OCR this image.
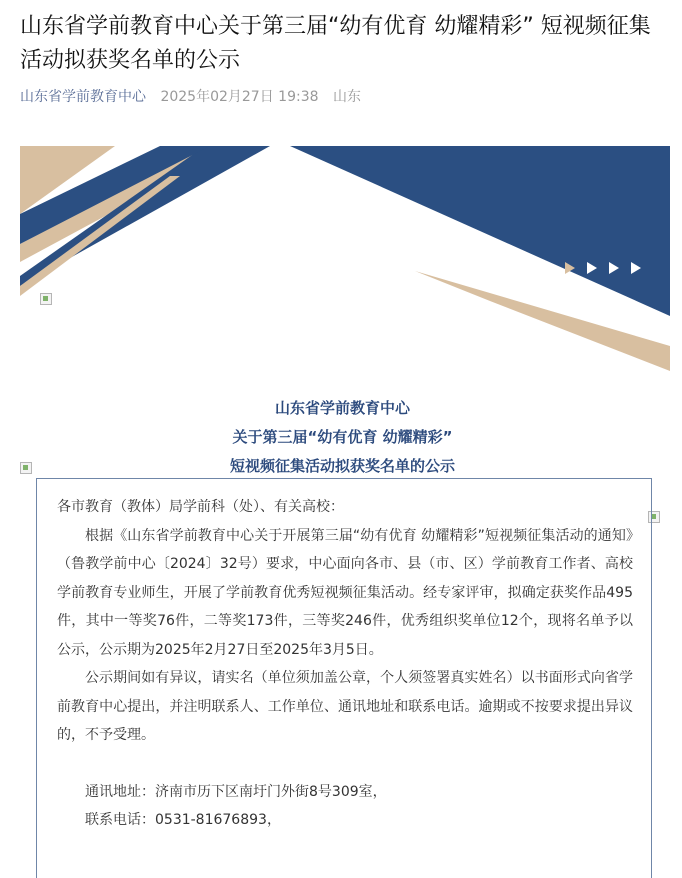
山东省学前教育中心关于第三届“幼有优育 幼耀精彩” 短视频征集活动拟获奖名单的公示
山东省学前教育中心 2025年02月27日 19:38 山东
山东省学前教育中心
关于第三届“幼有优育 幼耀精彩”
短视频征集活动拟获奖名单的公示

各市教育（教体）局学前科（处）、有关高校：

根据《山东省学前教育中心关于开展第三届“幼有优育 幼耀精彩”短视频征集活动的通知》（鲁教学前中心〔2024〕32号）要求，中心面向各市、县（市、区）学前教育工作者、高校学前教育专业师生，开展了学前教育优秀短视频征集活动。经专家评审，拟确定获奖作品495件，其中一等奖76件，二等奖173件，三等奖246件，优秀组织奖单位12个，现将名单予以公示，公示期为2025年2月27日至2025年3月5日。

公示期间如有异议，请实名（单位须加盖公章，个人须签署真实姓名）以书面形式向省学前教育中心提出，并注明联系人、工作单位、通讯地址和联系电话。逾期或不按要求提出异议的，不予受理。

通讯地址：济南市历下区南圩门外街8号309室，

联系电话：0531-81676893，
